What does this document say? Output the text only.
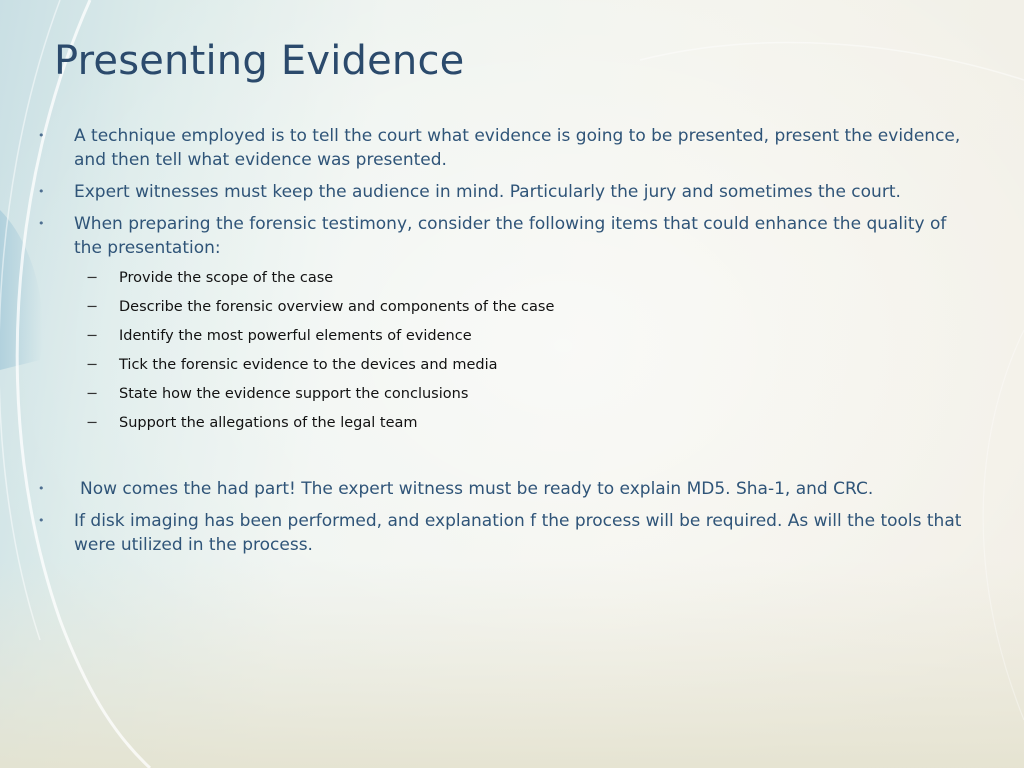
Presenting Evidence
• A technique employed is to tell the court what evidence is going to be presented, present the evidence, and then tell what evidence was presented.
• Expert witnesses must keep the audience in mind. Particularly the jury and sometimes the court.
• When preparing the forensic testimony, consider the following items that could enhance the quality of the presentation:
− Provide the scope of the case
− Describe the forensic overview and components of the case
− Identify the most powerful elements of evidence
− Tick the forensic evidence to the devices and media
− State how the evidence support the conclusions
− Support the allegations of the legal team
• Now comes the had part! The expert witness must be ready to explain MD5. Sha-1, and CRC.
• If disk imaging has been performed, and explanation f the process will be required. As will the tools that were utilized in the process.
